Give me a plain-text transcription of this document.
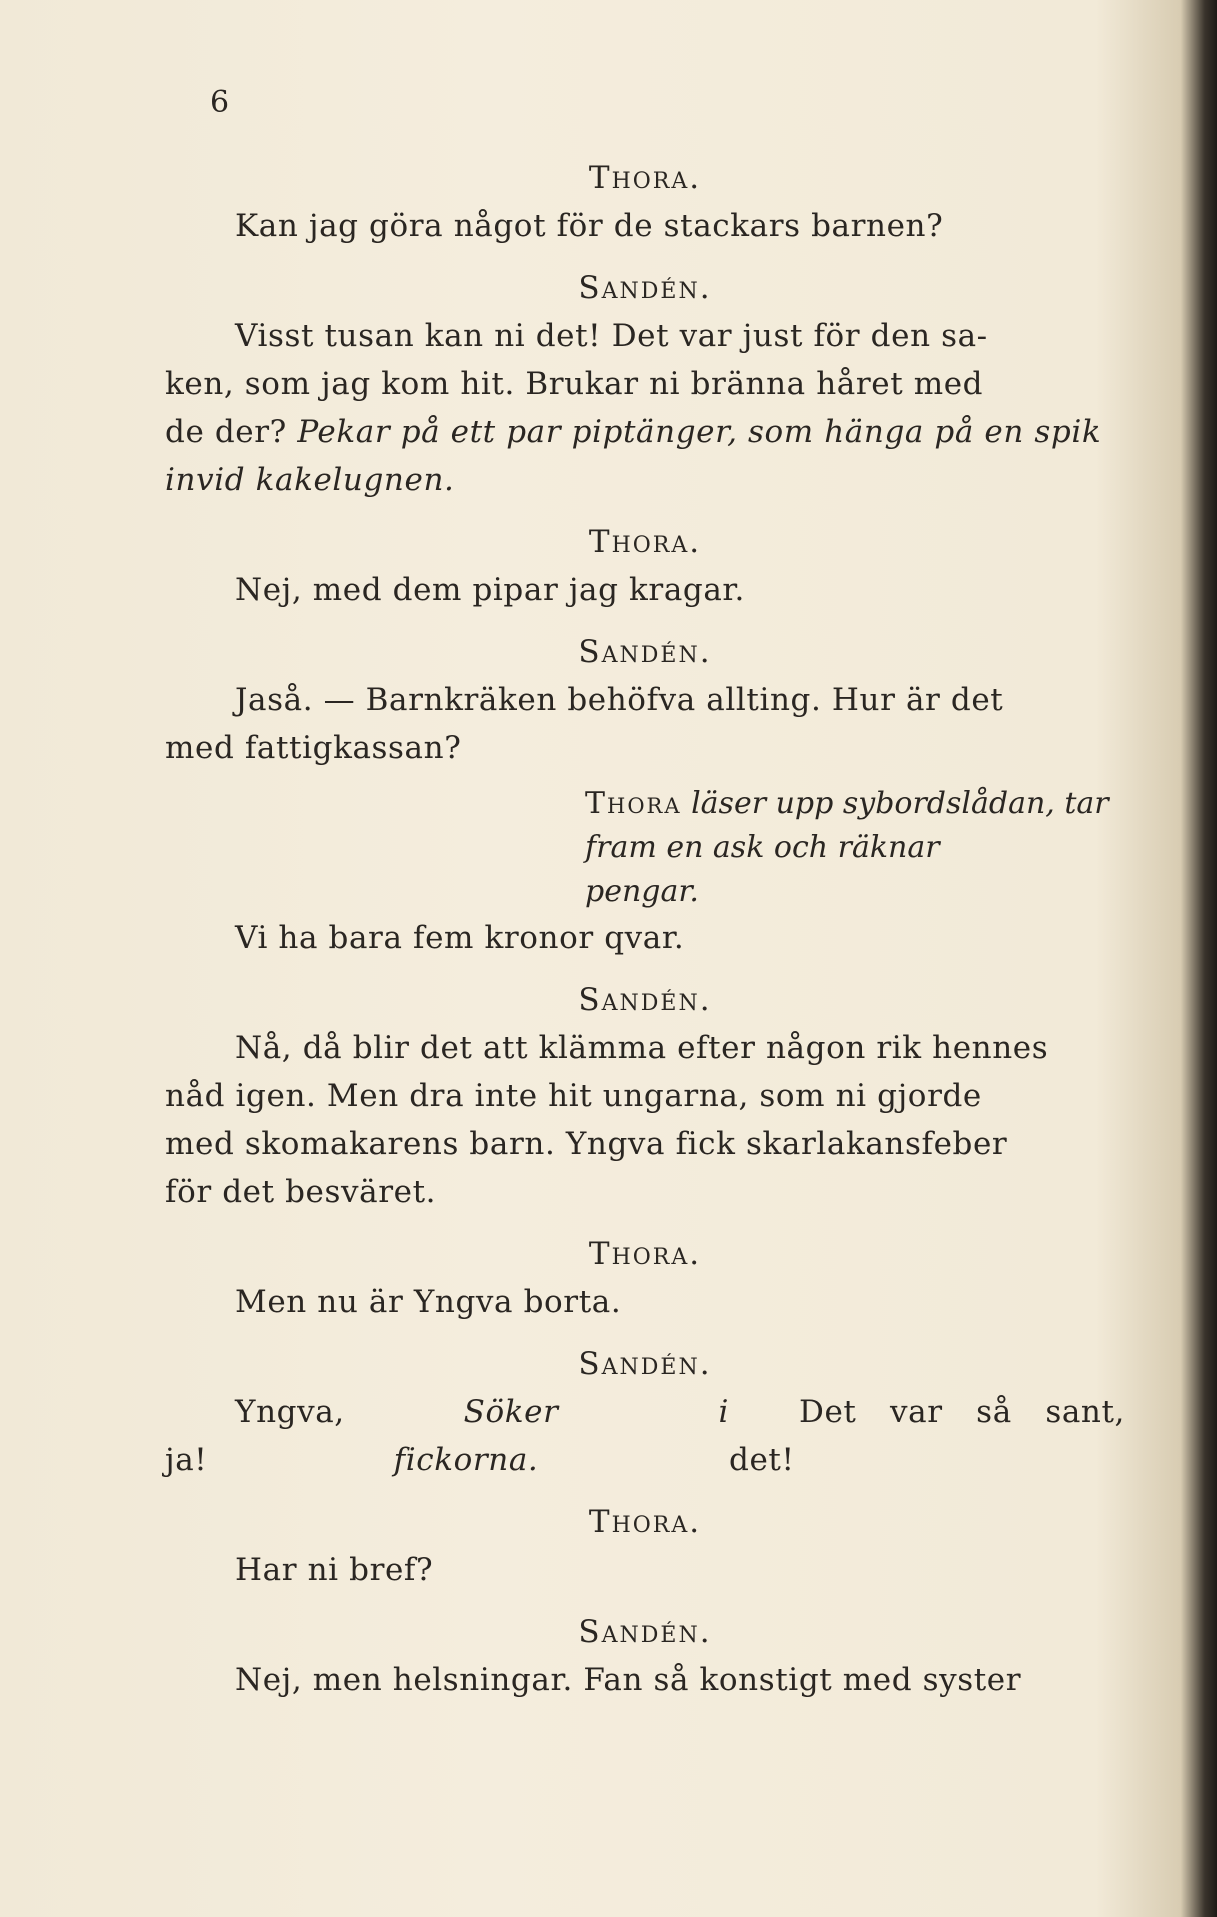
6
Thora.
Kan jag göra något för de stackars barnen?
Sandén.
Visst tusan kan ni det! Det var just för den sa-
ken, som jag kom hit. Brukar ni bränna håret med
de der? Pekar på ett par piptänger, som hänga på en spik
invid kakelugnen.
Thora.
Nej, med dem pipar jag kragar.
Sandén.
Jaså. — Barnkräken behöfva allting. Hur är det
med fattigkassan?
Thora läser upp sybordslådan, tar
fram en ask och räknar
pengar.
Vi ha bara fem kronor qvar.
Sandén.
Nå, då blir det att klämma efter någon rik hennes
nåd igen. Men dra inte hit ungarna, som ni gjorde
med skomakarens barn. Yngva fick skarlakansfeber
för det besväret.
Thora.
Men nu är Yngva borta.
Sandén.
Yngva, ja!
Söker i fickorna.
Det var så sant, det!
Thora.
Har ni bref?
Sandén.
Nej, men helsningar. Fan så konstigt med syster
